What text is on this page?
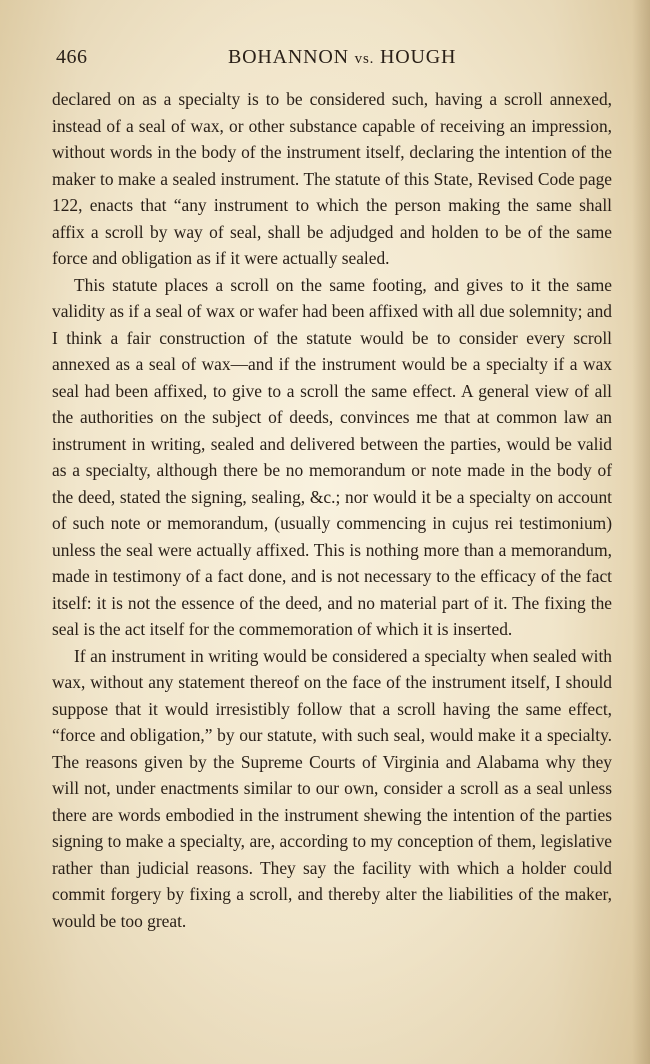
466	BOHANNON vs. HOUGH

declared on as a specialty is to be considered such, having a scroll annexed, instead of a seal of wax, or other substance capable of receiving an impression, without words in the body of the instrument itself, declaring the intention of the maker to make a sealed instrument. The statute of this State, Revised Code page 122, enacts that “any instrument to which the person making the same shall affix a scroll by way of seal, shall be adjudged and holden to be of the same force and obligation as if it were actually sealed.

This statute places a scroll on the same footing, and gives to it the same validity as if a seal of wax or wafer had been affixed with all due solemnity; and I think a fair construction of the statute would be to consider every scroll annexed as a seal of wax—and if the instrument would be a specialty if a wax seal had been affixed, to give to a scroll the same effect. A general view of all the authorities on the subject of deeds, convinces me that at common law an instrument in writing, sealed and delivered between the parties, would be valid as a specialty, although there be no memorandum or note made in the body of the deed, stated the signing, sealing, &c.; nor would it be a specialty on account of such note or memorandum, (usually commencing in cujus rei testimonium) unless the seal were actually affixed. This is nothing more than a memorandum, made in testimony of a fact done, and is not necessary to the efficacy of the fact itself: it is not the essence of the deed, and no material part of it. The fixing the seal is the act itself for the commemoration of which it is inserted.

If an instrument in writing would be considered a specialty when sealed with wax, without any statement thereof on the face of the instrument itself, I should suppose that it would irresistibly follow that a scroll having the same effect, “force and obligation,” by our statute, with such seal, would make it a specialty. The reasons given by the Supreme Courts of Virginia and Alabama why they will not, under enactments similar to our own, consider a scroll as a seal unless there are words embodied in the instrument shewing the intention of the parties signing to make a specialty, are, according to my conception of them, legislative rather than judicial reasons. They say the facility with which a holder could commit forgery by fixing a scroll, and thereby alter the liabilities of the maker, would be too great.
